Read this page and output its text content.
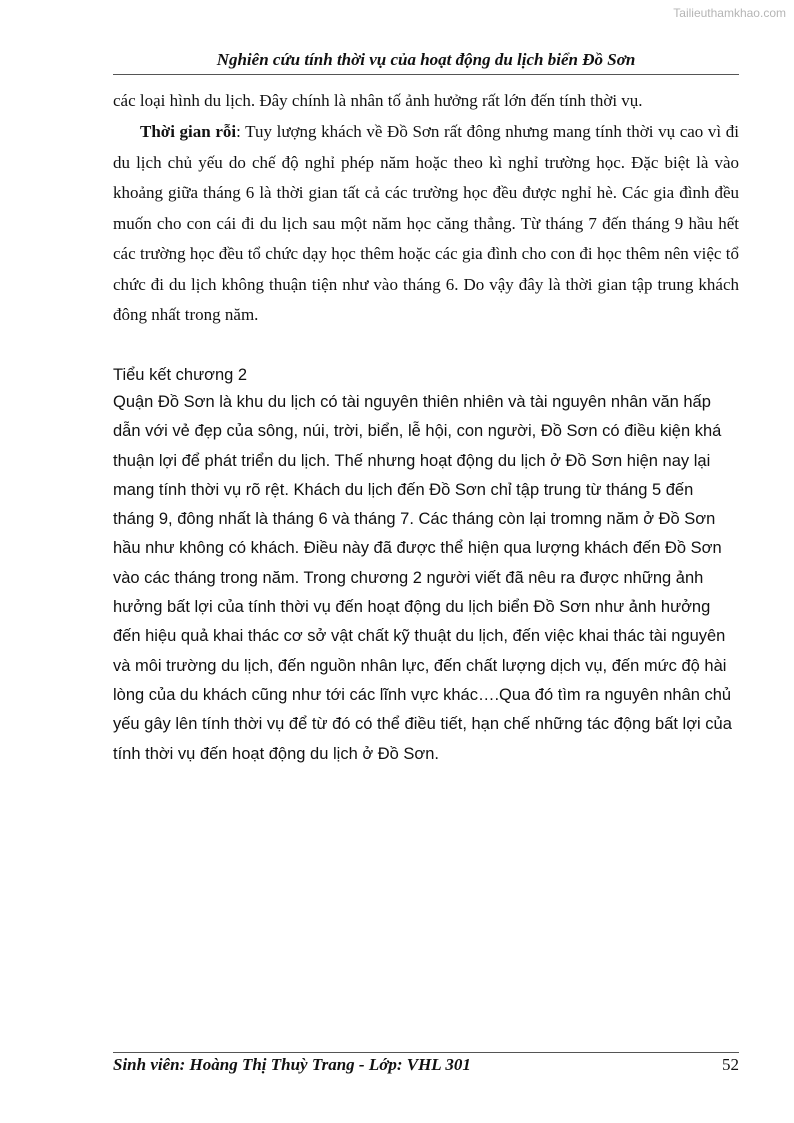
Tailieuthamkhao.com
Nghiên cứu tính thời vụ của hoạt động du lịch biển Đồ Sơn

các loại hình du lịch. Đây chính là nhân tố ảnh hưởng rất lớn đến tính thời vụ.

Thời gian rỗi: Tuy lượng khách về Đồ Sơn rất đông nhưng mang tính thời vụ cao vì đi du lịch chủ yếu do chế độ nghỉ phép năm hoặc theo kì nghỉ trường học. Đặc biệt là vào khoảng giữa tháng 6 là thời gian tất cả các trường học đều được nghỉ hè. Các gia đình đều muốn cho con cái đi du lịch sau một năm học căng thẳng. Từ tháng 7 đến tháng 9 hầu hết các trường học đều tổ chức dạy học thêm hoặc các gia đình cho con đi học thêm nên việc tổ chức đi du lịch không thuận tiện như vào tháng 6. Do vậy đây là thời gian tập trung khách đông nhất trong năm.

Tiểu kết chương 2

Quận Đồ Sơn là khu du lịch có tài nguyên thiên nhiên và tài nguyên nhân văn hấp dẫn với vẻ đẹp của sông, núi, trời, biển, lễ hội, con người, Đồ Sơn có điều kiện khá thuận lợi để phát triển du lịch. Thế nhưng hoạt động du lịch ở Đồ Sơn hiện nay lại mang tính thời vụ rõ rệt. Khách du lịch đến Đồ Sơn chỉ tập trung từ tháng 5 đến tháng 9, đông nhất là tháng 6 và tháng 7. Các tháng còn lại tromng năm ở Đồ Sơn hầu như không có khách. Điều này đã được thể hiện qua lượng khách đến Đồ Sơn vào các tháng trong năm. Trong chương 2 người viết đã nêu ra được những ảnh hưởng bất lợi của tính thời vụ đến hoạt động du lịch biển Đồ Sơn như ảnh hưởng đến hiệu quả khai thác cơ sở vật chất kỹ thuật du lịch, đến việc khai thác tài nguyên và môi trường du lịch, đến nguồn nhân lực, đến chất lượng dịch vụ, đến mức độ hài lòng của du khách cũng như tới các lĩnh vực khác….Qua đó tìm ra nguyên nhân chủ yếu gây lên tính thời vụ để từ đó có thể điều tiết, hạn chế những tác động bất lợi của tính thời vụ đến hoạt động du lịch ở Đồ Sơn.

Sinh viên: Hoàng Thị Thuỳ Trang - Lớp: VHL 301	52
